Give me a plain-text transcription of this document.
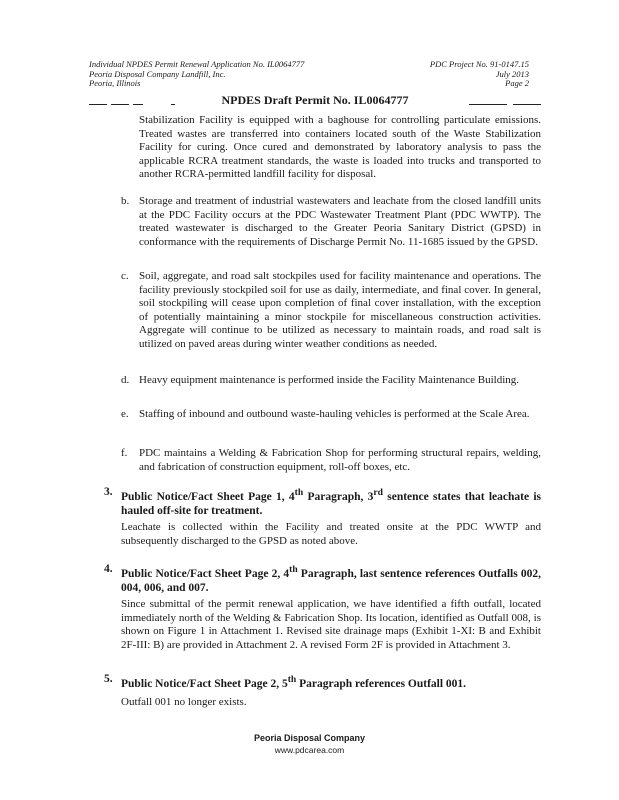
Individual NPDES Permit Renewal Application No. IL0064777
Peoria Disposal Company Landfill, Inc.
Peoria, Illinois
PDC Project No. 91-0147.15
July 2013
Page 2
NPDES Draft Permit No. IL0064777

Stabilization Facility is equipped with a baghouse for controlling particulate emissions. Treated wastes are transferred into containers located south of the Waste Stabilization Facility for curing. Once cured and demonstrated by laboratory analysis to pass the applicable RCRA treatment standards, the waste is loaded into trucks and transported to another RCRA-permitted landfill facility for disposal.

b. Storage and treatment of industrial wastewaters and leachate from the closed landfill units at the PDC Facility occurs at the PDC Wastewater Treatment Plant (PDC WWTP). The treated wastewater is discharged to the Greater Peoria Sanitary District (GPSD) in conformance with the requirements of Discharge Permit No. 11-1685 issued by the GPSD.

c. Soil, aggregate, and road salt stockpiles used for facility maintenance and operations. The facility previously stockpiled soil for use as daily, intermediate, and final cover. In general, soil stockpiling will cease upon completion of final cover installation, with the exception of potentially maintaining a minor stockpile for miscellaneous construction activities. Aggregate will continue to be utilized as necessary to maintain roads, and road salt is utilized on paved areas during winter weather conditions as needed.

d. Heavy equipment maintenance is performed inside the Facility Maintenance Building.

e. Staffing of inbound and outbound waste-hauling vehicles is performed at the Scale Area.

f. PDC maintains a Welding & Fabrication Shop for performing structural repairs, welding, and fabrication of construction equipment, roll-off boxes, etc.

3. Public Notice/Fact Sheet Page 1, 4th Paragraph, 3rd sentence states that leachate is hauled off-site for treatment.

Leachate is collected within the Facility and treated onsite at the PDC WWTP and subsequently discharged to the GPSD as noted above.

4. Public Notice/Fact Sheet Page 2, 4th Paragraph, last sentence references Outfalls 002, 004, 006, and 007.

Since submittal of the permit renewal application, we have identified a fifth outfall, located immediately north of the Welding & Fabrication Shop. Its location, identified as Outfall 008, is shown on Figure 1 in Attachment 1. Revised site drainage maps (Exhibit 1-XI: B and Exhibit 2F-III: B) are provided in Attachment 2. A revised Form 2F is provided in Attachment 3.

5. Public Notice/Fact Sheet Page 2, 5th Paragraph references Outfall 001.

Outfall 001 no longer exists.

Peoria Disposal Company
www.pdcarea.com
